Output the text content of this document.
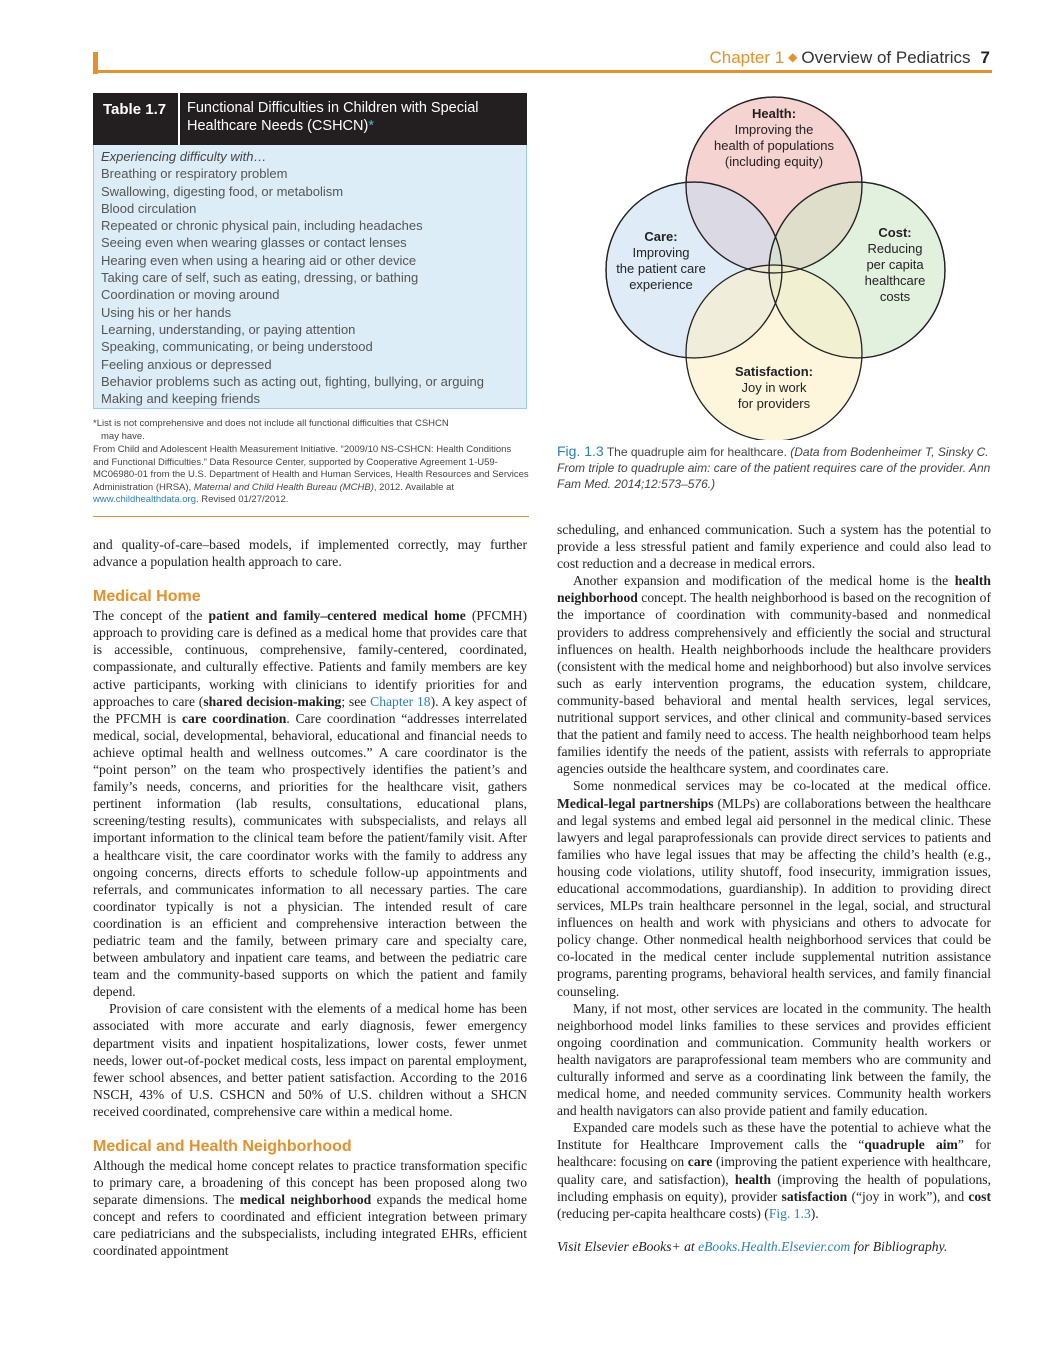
Chapter 1 ◆ Overview of Pediatrics 7
Table 1.7 Functional Difficulties in Children with Special Healthcare Needs (CSHCN)*
Experiencing difficulty with…
Breathing or respiratory problem
Swallowing, digesting food, or metabolism
Blood circulation
Repeated or chronic physical pain, including headaches
Seeing even when wearing glasses or contact lenses
Hearing even when using a hearing aid or other device
Taking care of self, such as eating, dressing, or bathing
Coordination or moving around
Using his or her hands
Learning, understanding, or paying attention
Speaking, communicating, or being understood
Feeling anxious or depressed
Behavior problems such as acting out, fighting, bullying, or arguing
Making and keeping friends

*List is not comprehensive and does not include all functional difficulties that CSHCN
may have.

From Child and Adolescent Health Measurement Initiative. “2009/10 NS-CSHCN: Health Conditions and Functional Difficulties.” Data Resource Center, supported by Cooperative Agreement 1-U59-MC06980-01 from the U.S. Department of Health and Human Services, Health Resources and Services Administration (HRSA), Maternal and Child Health Bureau (MCHB), 2012. Available at www.childhealthdata.org. Revised 01/27/2012.

Health:
Improving the
health of populations
(including equity)
Care:
Improving
the patient care
experience
Cost:
Reducing
per capita
healthcare
costs
Satisfaction:
Joy in work
for providers
Fig. 1.3 The quadruple aim for healthcare. (Data from Bodenheimer T, Sinsky C. From triple to quadruple aim: care of the patient requires care of the provider. Ann Fam Med. 2014;12:573–576.)

and quality-of-care–based models, if implemented correctly, may further advance a population health approach to care.

Medical Home

The concept of the patient and family–centered medical home (PFCMH) approach to providing care is defined as a medical home that provides care that is accessible, continuous, comprehensive, family-centered, coordinated, compassionate, and culturally effective. Patients and family members are key active participants, working with clinicians to identify priorities for and approaches to care (shared decision-making; see Chapter 18). A key aspect of the PFCMH is care coordination. Care coordination “addresses interrelated medical, social, developmental, behavioral, educational and financial needs to achieve optimal health and wellness outcomes.” A care coordinator is the “point person” on the team who prospectively identifies the patient’s and family’s needs, concerns, and priorities for the healthcare visit, gathers pertinent information (lab results, consultations, educational plans, screening/testing results), communicates with subspecialists, and relays all important information to the clinical team before the patient/family visit. After a healthcare visit, the care coordinator works with the family to address any ongoing concerns, directs efforts to schedule follow-up appointments and referrals, and communicates information to all necessary parties. The care coordinator typically is not a physician. The intended result of care coordination is an efficient and comprehensive interaction between the pediatric team and the family, between primary care and specialty care, between ambulatory and inpatient care teams, and between the pediatric care team and the community-based supports on which the patient and family depend.

Provision of care consistent with the elements of a medical home has been associated with more accurate and early diagnosis, fewer emergency department visits and inpatient hospitalizations, lower costs, fewer unmet needs, lower out-of-pocket medical costs, less impact on parental employment, fewer school absences, and better patient satisfaction. According to the 2016 NSCH, 43% of U.S. CSHCN and 50% of U.S. children without a SHCN received coordinated, comprehensive care within a medical home.

Medical and Health Neighborhood

Although the medical home concept relates to practice transformation specific to primary care, a broadening of this concept has been proposed along two separate dimensions. The medical neighborhood expands the medical home concept and refers to coordinated and efficient integration between primary care pediatricians and the subspecialists, including integrated EHRs, efficient coordinated appointment

scheduling, and enhanced communication. Such a system has the potential to provide a less stressful patient and family experience and could also lead to cost reduction and a decrease in medical errors.

Another expansion and modification of the medical home is the health neighborhood concept. The health neighborhood is based on the recognition of the importance of coordination with community-based and nonmedical providers to address comprehensively and efficiently the social and structural influences on health. Health neighborhoods include the healthcare providers (consistent with the medical home and neighborhood) but also involve services such as early intervention programs, the education system, childcare, community-based behavioral and mental health services, legal services, nutritional support services, and other clinical and community-based services that the patient and family need to access. The health neighborhood team helps families identify the needs of the patient, assists with referrals to appropriate agencies outside the healthcare system, and coordinates care.

Some nonmedical services may be co-located at the medical office. Medical-legal partnerships (MLPs) are collaborations between the healthcare and legal systems and embed legal aid personnel in the medical clinic. These lawyers and legal paraprofessionals can provide direct services to patients and families who have legal issues that may be affecting the child’s health (e.g., housing code violations, utility shutoff, food insecurity, immigration issues, educational accommodations, guardianship). In addition to providing direct services, MLPs train healthcare personnel in the legal, social, and structural influences on health and work with physicians and others to advocate for policy change. Other nonmedical health neighborhood services that could be co-located in the medical center include supplemental nutrition assistance programs, parenting programs, behavioral health services, and family financial counseling.

Many, if not most, other services are located in the community. The health neighborhood model links families to these services and provides efficient ongoing coordination and communication. Community health workers or health navigators are paraprofessional team members who are community and culturally informed and serve as a coordinating link between the family, the medical home, and needed community services. Community health workers and health navigators can also provide patient and family education.

Expanded care models such as these have the potential to achieve what the Institute for Healthcare Improvement calls the “quadruple aim” for healthcare: focusing on care (improving the patient experience with healthcare, quality care, and satisfaction), health (improving the health of populations, including emphasis on equity), provider satisfaction (“joy in work”), and cost (reducing per-capita healthcare costs) (Fig. 1.3).

Visit Elsevier eBooks+ at eBooks.Health.Elsevier.com for Bibliography.
